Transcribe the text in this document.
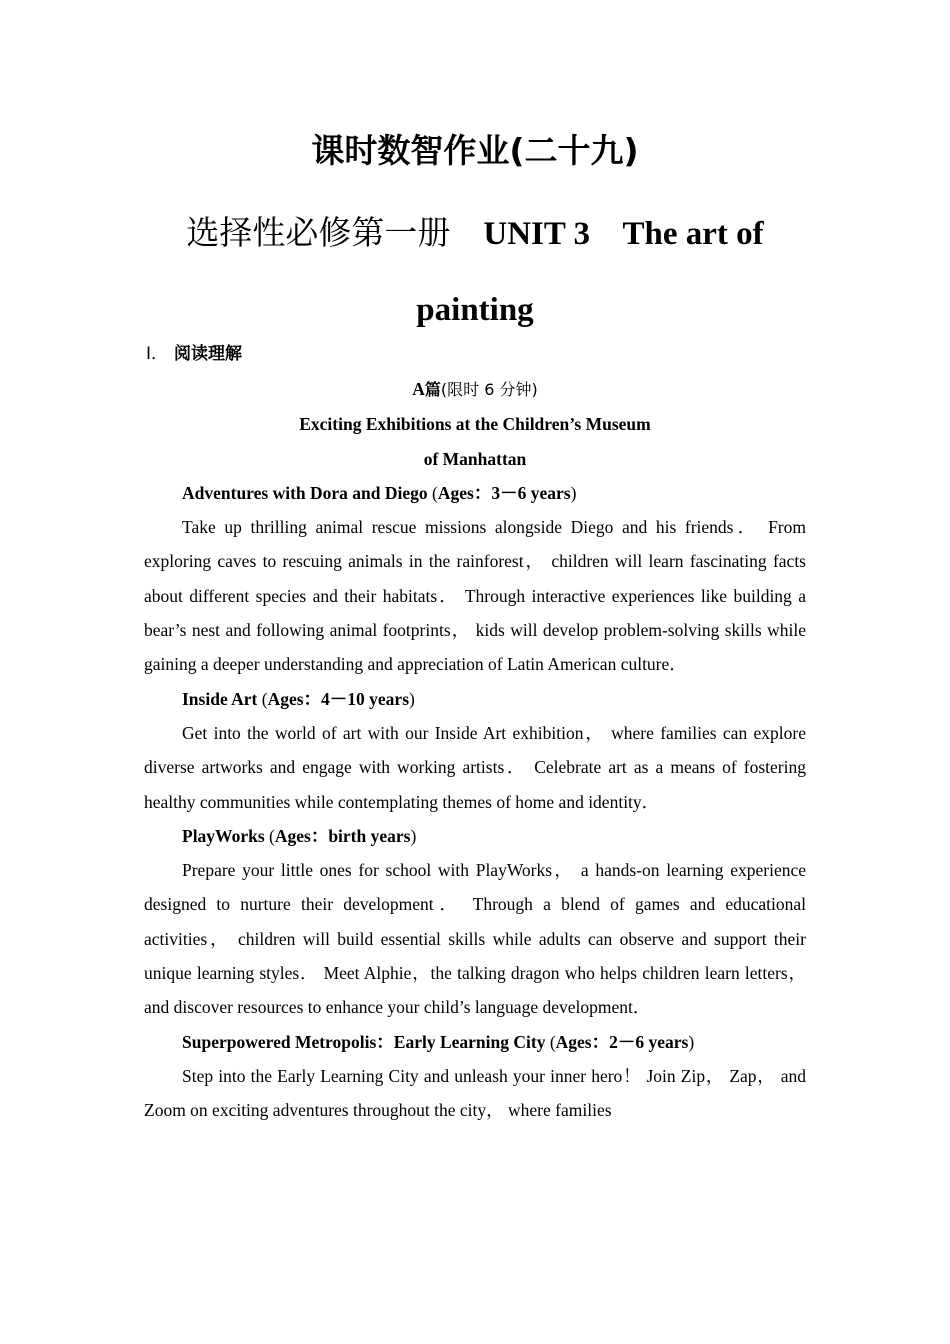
课时数智作业(二十九)
选择性必修第一册 UNIT 3 The art of
painting
Ⅰ． 阅读理解
A篇(限时 6 分钟)
Exciting Exhibitions at the Children’s Museum
of Manhattan
Adventures with Dora and Diego (Ages：3－6 years)

Take up thrilling animal rescue missions alongside Diego and his friends． From exploring caves to rescuing animals in the rainforest， children will learn fascinating facts about different species and their habitats． Through interactive experiences like building a bear’s nest and following animal footprints， kids will develop problem-solving skills while gaining a deeper understanding and appreciation of Latin American culture．

Inside Art (Ages：4－10 years)

Get into the world of art with our Inside Art exhibition， where families can explore diverse artworks and engage with working artists． Celebrate art as a means of fostering healthy communities while contemplating themes of home and identity．

PlayWorks (Ages：birth years)

Prepare your little ones for school with PlayWorks， a hands-on learning experience designed to nurture their development． Through a blend of games and educational activities， children will build essential skills while adults can observe and support their unique learning styles． Meet Alphie，the talking dragon who helps children learn letters， and discover resources to enhance your child’s language development．

Superpowered Metropolis：Early Learning City (Ages：2－6 years)

Step into the Early Learning City and unleash your inner hero！ Join Zip， Zap， and Zoom on exciting adventures throughout the city， where families
